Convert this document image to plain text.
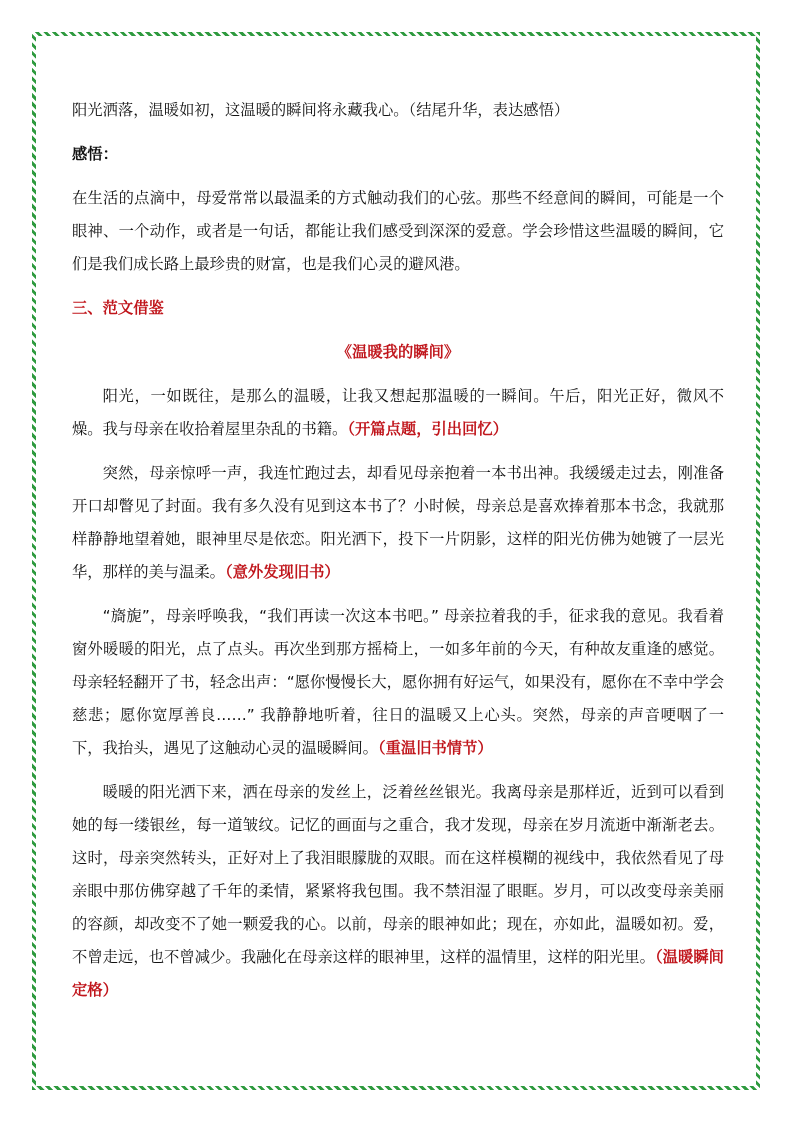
阳光洒落，温暖如初，这温暖的瞬间将永藏我心。（结尾升华，表达感悟）

感悟：

在生活的点滴中，母爱常常以最温柔的方式触动我们的心弦。那些不经意间的瞬间，可能是一个眼神、一个动作，或者是一句话，都能让我们感受到深深的爱意。学会珍惜这些温暖的瞬间，它们是我们成长路上最珍贵的财富，也是我们心灵的避风港。

三、范文借鉴

《温暖我的瞬间》

阳光，一如既往，是那么的温暖，让我又想起那温暖的一瞬间。午后，阳光正好，微风不燥。我与母亲在收拾着屋里杂乱的书籍。（开篇点题，引出回忆）

突然，母亲惊呼一声，我连忙跑过去，却看见母亲抱着一本书出神。我缓缓走过去，刚准备开口却瞥见了封面。我有多久没有见到这本书了？小时候，母亲总是喜欢捧着那本书念，我就那样静静地望着她，眼神里尽是依恋。阳光洒下，投下一片阴影，这样的阳光仿佛为她镀了一层光华，那样的美与温柔。（意外发现旧书）

“旖旎”，母亲呼唤我，“我们再读一次这本书吧。” 母亲拉着我的手，征求我的意见。我看着窗外暖暖的阳光，点了点头。再次坐到那方摇椅上，一如多年前的今天，有种故友重逢的感觉。母亲轻轻翻开了书，轻念出声：“愿你慢慢长大，愿你拥有好运气，如果没有，愿你在不幸中学会慈悲；愿你宽厚善良……” 我静静地听着，往日的温暖又上心头。突然，母亲的声音哽咽了一下，我抬头，遇见了这触动心灵的温暖瞬间。（重温旧书情节）

暖暖的阳光洒下来，洒在母亲的发丝上，泛着丝丝银光。我离母亲是那样近，近到可以看到她的每一缕银丝，每一道皱纹。记忆的画面与之重合，我才发现，母亲在岁月流逝中渐渐老去。这时，母亲突然转头，正好对上了我泪眼朦胧的双眼。而在这样模糊的视线中，我依然看见了母亲眼中那仿佛穿越了千年的柔情，紧紧将我包围。我不禁泪湿了眼眶。岁月，可以改变母亲美丽的容颜，却改变不了她一颗爱我的心。以前，母亲的眼神如此；现在，亦如此，温暖如初。爱，不曾走远，也不曾减少。我融化在母亲这样的眼神里，这样的温情里，这样的阳光里。（温暖瞬间定格）
